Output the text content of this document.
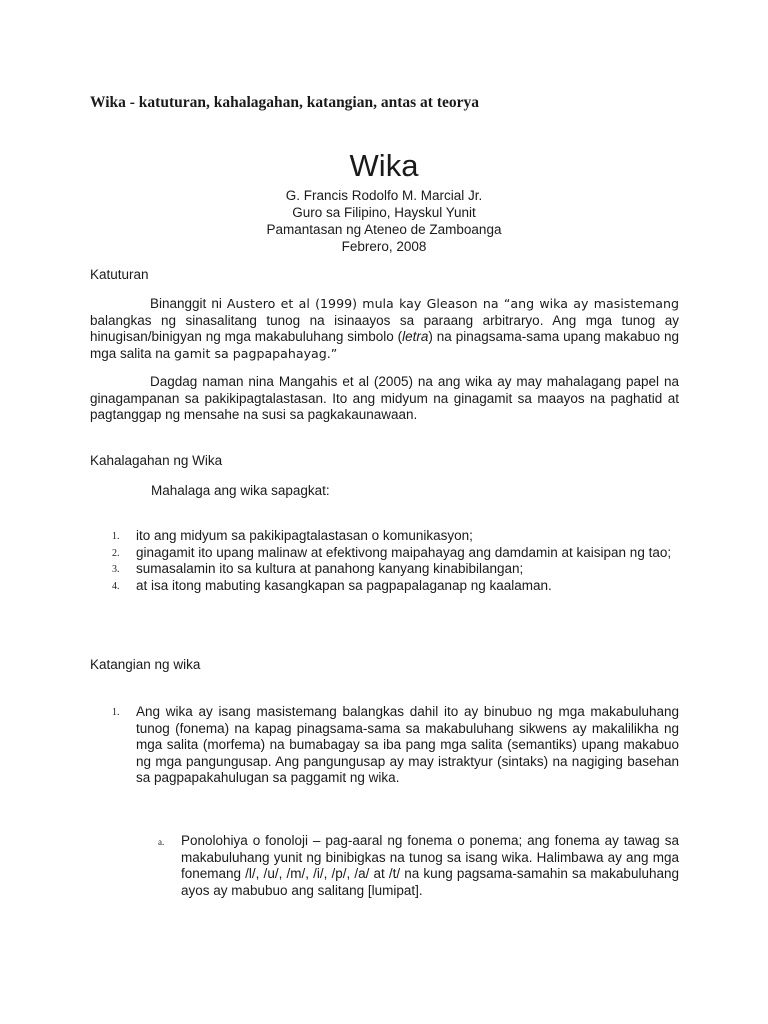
Wika - katuturan, kahalagahan, katangian, antas at teorya
Wika
G. Francis Rodolfo M. Marcial Jr.
Guro sa Filipino, Hayskul Yunit
Pamantasan ng Ateneo de Zamboanga
Febrero, 2008
Katuturan

Binanggit ni Austero et al (1999) mula kay Gleason na “ang wika ay masistemang balangkas ng sinasalitang tunog na isinaayos sa paraang arbitraryo. Ang mga tunog ay hinugisan/binigyan ng mga makabuluhang simbolo (letra) na pinagsama-sama upang makabuo ng mga salita na gamit sa pagpapahayag.”

Dagdag naman nina Mangahis et al (2005) na ang wika ay may mahalagang papel na ginagampanan sa pakikipagtalastasan. Ito ang midyum na ginagamit sa maayos na paghatid at pagtanggap ng mensahe na susi sa pagkakaunawaan.

Kahalagahan ng Wika
Mahalaga ang wika sapagkat:
1. ito ang midyum sa pakikipagtalastasan o komunikasyon;
2. ginagamit ito upang malinaw at efektivong maipahayag ang damdamin at kaisipan ng tao;
3. sumasalamin ito sa kultura at panahong kanyang kinabibilangan;
4. at isa itong mabuting kasangkapan sa pagpapalaganap ng kaalaman.
Katangian ng wika
1. Ang wika ay isang masistemang balangkas dahil ito ay binubuo ng mga makabuluhang tunog (fonema) na kapag pinagsama-sama sa makabuluhang sikwens ay makalilikha ng mga salita (morfema) na bumabagay sa iba pang mga salita (semantiks) upang makabuo ng mga pangungusap. Ang pangungusap ay may istraktyur (sintaks) na nagiging basehan sa pagpapakahulugan sa paggamit ng wika.
a. Ponolohiya o fonoloji – pag-aaral ng fonema o ponema; ang fonema ay tawag sa makabuluhang yunit ng binibigkas na tunog sa isang wika. Halimbawa ay ang mga fonemang /l/, /u/, /m/, /i/, /p/, /a/ at /t/ na kung pagsama-samahin sa makabuluhang ayos ay mabubuo ang salitang [lumipat].
